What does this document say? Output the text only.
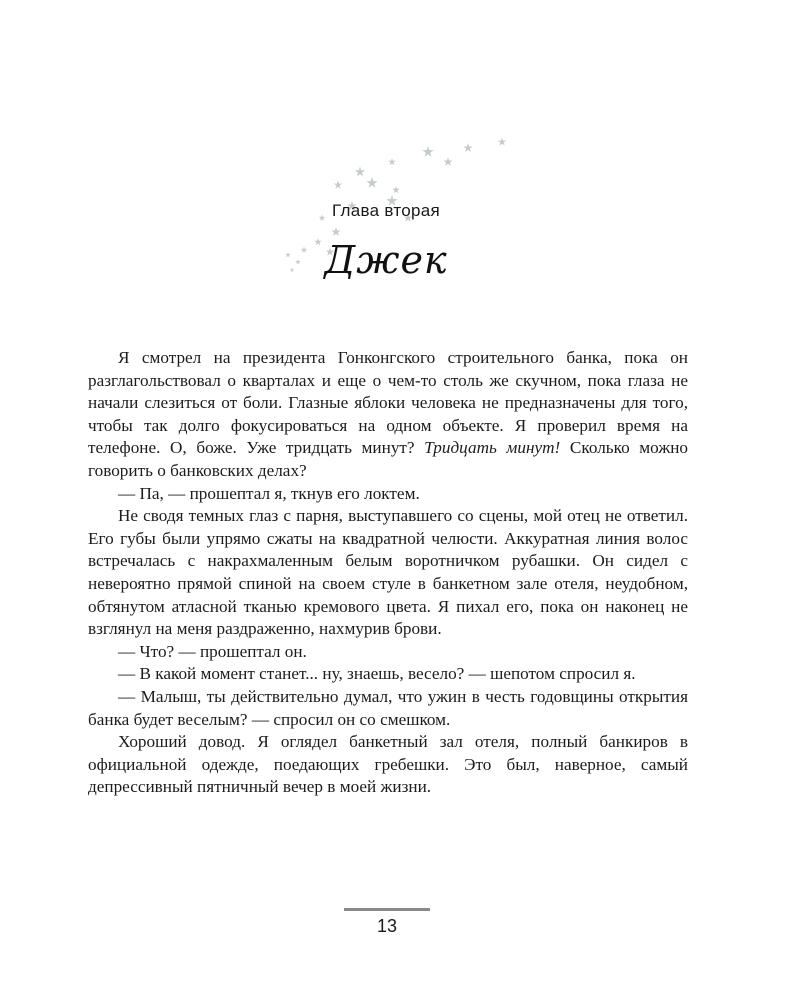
Глава вторая
Джек

Я смотрел на президента Гонконгского строительного банка, пока он разглагольствовал о кварталах и еще о чем-то столь же скучном, пока глаза не начали слезиться от боли. Глазные яблоки человека не предназначены для того, чтобы так долго фокусироваться на одном объекте. Я проверил время на телефоне. О, боже. Уже тридцать минут? Тридцать минут! Сколько можно говорить о банковских делах?

— Па, — прошептал я, ткнув его локтем.

Не сводя темных глаз с парня, выступавшего со сцены, мой отец не ответил. Его губы были упрямо сжаты на квадратной челюсти. Аккуратная линия волос встречалась с накрахмаленным белым воротничком рубашки. Он сидел с невероятно прямой спиной на своем стуле в банкетном зале отеля, неудобном, обтянутом атласной тканью кремового цвета. Я пихал его, пока он наконец не взглянул на меня раздраженно, нахмурив брови.

— Что? — прошептал он.

— В какой момент станет... ну, знаешь, весело? — шепотом спросил я.

— Малыш, ты действительно думал, что ужин в честь годовщины открытия банка будет веселым? — спросил он со смешком.

Хороший довод. Я оглядел банкетный зал отеля, полный банкиров в официальной одежде, поедающих гребешки. Это был, наверное, самый депрессивный пятничный вечер в моей жизни.

13
